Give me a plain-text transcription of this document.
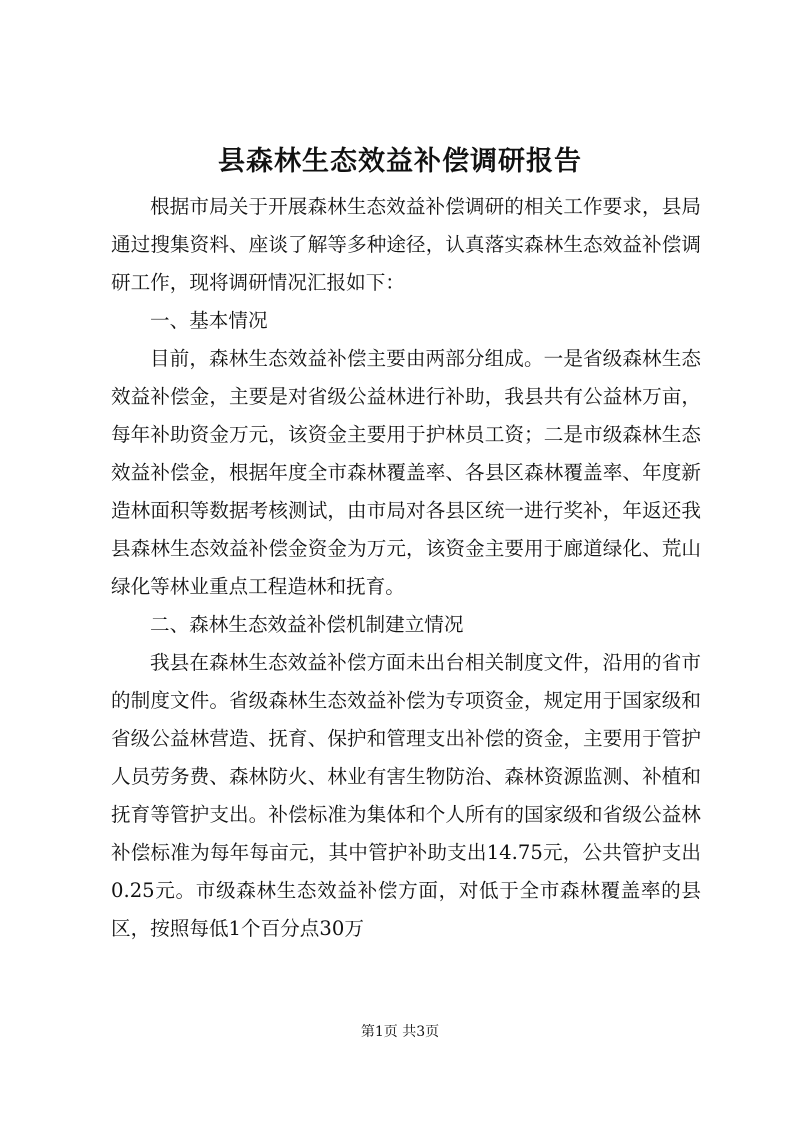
县森林生态效益补偿调研报告

根据市局关于开展森林生态效益补偿调研的相关工作要求，县局通过搜集资料、座谈了解等多种途径，认真落实森林生态效益补偿调研工作，现将调研情况汇报如下：

一、基本情况

目前，森林生态效益补偿主要由两部分组成。一是省级森林生态效益补偿金，主要是对省级公益林进行补助，我县共有公益林万亩，每年补助资金万元，该资金主要用于护林员工资；二是市级森林生态效益补偿金，根据年度全市森林覆盖率、各县区森林覆盖率、年度新造林面积等数据考核测试，由市局对各县区统一进行奖补，年返还我县森林生态效益补偿金资金为万元，该资金主要用于廊道绿化、荒山绿化等林业重点工程造林和抚育。

二、森林生态效益补偿机制建立情况

我县在森林生态效益补偿方面未出台相关制度文件，沿用的省市的制度文件。省级森林生态效益补偿为专项资金，规定用于国家级和省级公益林营造、抚育、保护和管理支出补偿的资金，主要用于管护人员劳务费、森林防火、林业有害生物防治、森林资源监测、补植和抚育等管护支出。补偿标准为集体和个人所有的国家级和省级公益林补偿标准为每年每亩元，其中管护补助支出14.75元，公共管护支出0.25元。市级森林生态效益补偿方面，对低于全市森林覆盖率的县区，按照每低1个百分点30万

第1页 共3页
